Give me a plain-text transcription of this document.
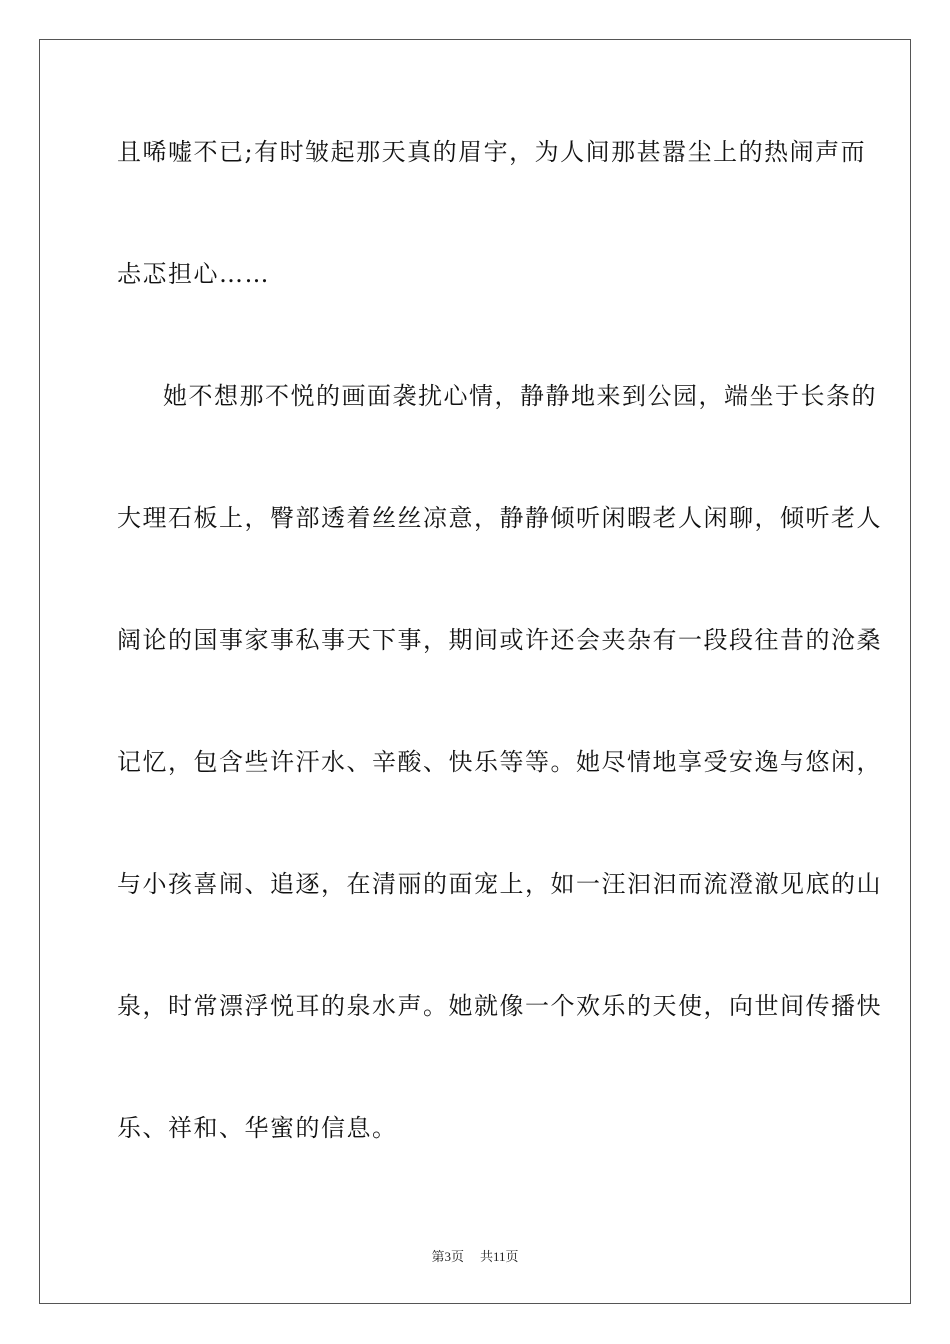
且唏嘘不已;有时皱起那天真的眉宇，为人间那甚嚣尘上的热闹声而
忐忑担心……
她不想那不悦的画面袭扰心情，静静地来到公园，端坐于长条的
大理石板上，臀部透着丝丝凉意，静静倾听闲暇老人闲聊，倾听老人
阔论的国事家事私事天下事，期间或许还会夹杂有一段段往昔的沧桑
记忆，包含些许汗水、辛酸、快乐等等。她尽情地享受安逸与悠闲，
与小孩喜闹、追逐，在清丽的面宠上，如一汪汩汩而流澄澈见底的山
泉，时常漂浮悦耳的泉水声。她就像一个欢乐的天使，向世间传播快
乐、祥和、华蜜的信息。
第3页 共11页
